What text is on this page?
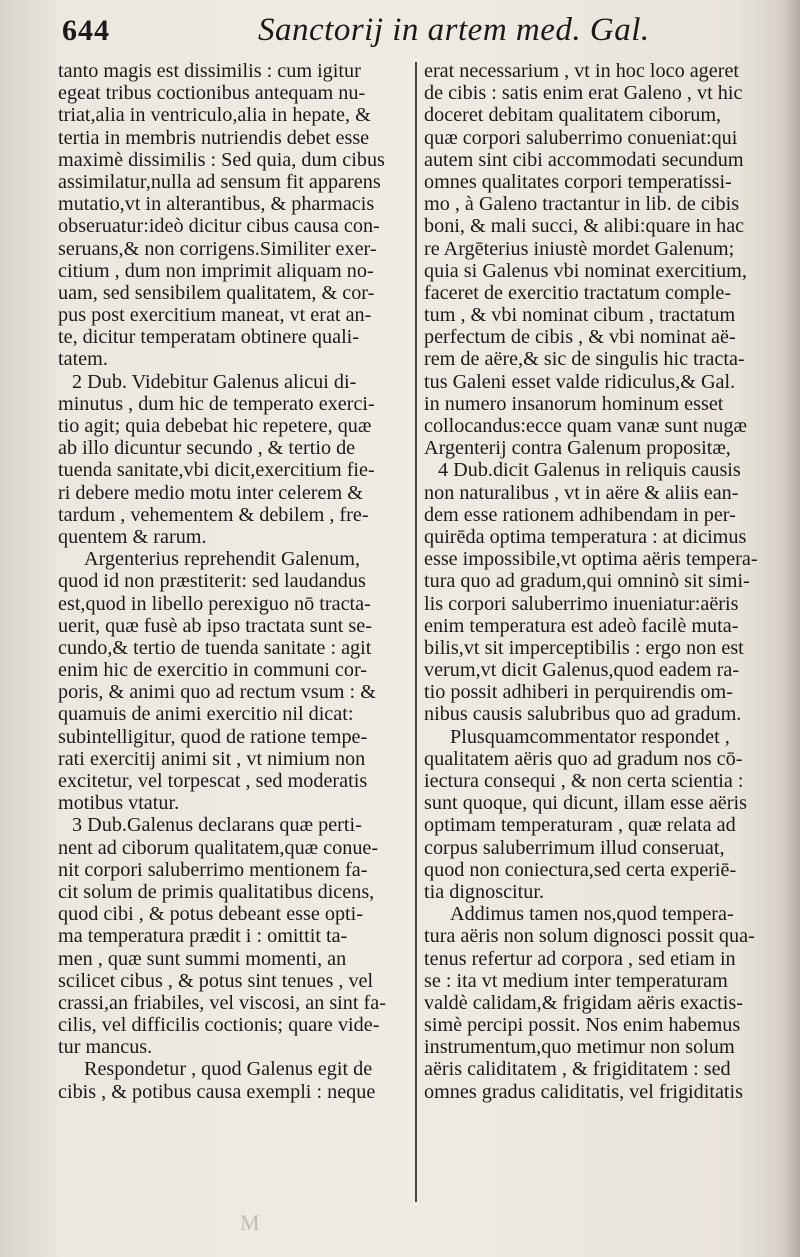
644	Sanctorij in artem med. Gal.
tanto magis est dissimilis : cum igitur
egeat tribus coctionibus antequam nu-
triat,alia in ventriculo,alia in hepate, &
tertia in membris nutriendis debet esse
maximè dissimilis : Sed quia, dum cibus
assimilatur,nulla ad sensum fit apparens
mutatio,vt in alterantibus, & pharmacis
obseruatur:ideò dicitur cibus causa con-
seruans,& non corrigens.Similiter exer-
citium , dum non imprimit aliquam no-
uam, sed sensibilem qualitatem, & cor-
pus post exercitium maneat, vt erat an-
te, dicitur temperatam obtinere quali-
tatem.
2 Dub. Videbitur Galenus alicui di-
minutus , dum hic de temperato exerci-
tio agit; quia debebat hic repetere, quæ
ab illo dicuntur secundo , & tertio de
tuenda sanitate,vbi dicit,exercitium fie-
ri debere medio motu inter celerem &
tardum , vehementem & debilem , fre-
quentem & rarum.
Argenterius reprehendit Galenum,
quod id non præstiterit: sed laudandus
est,quod in libello perexiguo nō tracta-
uerit, quæ fusè ab ipso tractata sunt se-
cundo,& tertio de tuenda sanitate : agit
enim hic de exercitio in communi cor-
poris, & animi quo ad rectum vsum : &
quamuis de animi exercitio nil dicat:
subintelligitur, quod de ratione tempe-
rati exercitij animi sit , vt nimium non
excitetur, vel torpescat , sed moderatis
motibus vtatur.
3 Dub.Galenus declarans quæ perti-
nent ad ciborum qualitatem,quæ conue-
nit corpori saluberrimo mentionem fa-
cit solum de primis qualitatibus dicens,
quod cibi , & potus debeant esse opti-
ma temperatura prædit i : omittit ta-
men , quæ sunt summi momenti, an
scilicet cibus , & potus sint tenues , vel
crassi,an friabiles, vel viscosi, an sint fa-
cilis, vel difficilis coctionis; quare vide-
tur mancus.
Respondetur , quod Galenus egit de
cibis , & potibus causa exempli : neque
erat necessarium , vt in hoc loco ageret
de cibis : satis enim erat Galeno , vt hic
doceret debitam qualitatem ciborum,
quæ corpori saluberrimo conueniat:qui
autem sint cibi accommodati secundum
omnes qualitates corpori temperatissi-
mo , à Galeno tractantur in lib. de cibis
boni, & mali succi, & alibi:quare in hac
re Argēterius iniustè mordet Galenum;
quia si Galenus vbi nominat exercitium,
faceret de exercitio tractatum comple-
tum , & vbi nominat cibum , tractatum
perfectum de cibis , & vbi nominat aë-
rem de aëre,& sic de singulis hic tracta-
tus Galeni esset valde ridiculus,& Gal.
in numero insanorum hominum esset
collocandus:ecce quam vanæ sunt nugæ
Argenterij contra Galenum propositæ,
4 Dub.dicit Galenus in reliquis causis
non naturalibus , vt in aëre & aliis ean-
dem esse rationem adhibendam in per-
quirēda optima temperatura : at dicimus
esse impossibile,vt optima aëris tempera-
tura quo ad gradum,qui omninò sit simi-
lis corpori saluberrimo inueniatur:aëris
enim temperatura est adeò facilè muta-
bilis,vt sit imperceptibilis : ergo non est
verum,vt dicit Galenus,quod eadem ra-
tio possit adhiberi in perquirendis om-
nibus causis salubribus quo ad gradum.
Plusquamcommentator respondet ,
qualitatem aëris quo ad gradum nos cō-
iectura consequi , & non certa scientia :
sunt quoque, qui dicunt, illam esse aëris
optimam temperaturam , quæ relata ad
corpus saluberrimum illud conseruat,
quod non coniectura,sed certa experiē-
tia dignoscitur.
Addimus tamen nos,quod tempera-
tura aëris non solum dignosci possit qua-
tenus refertur ad corpora , sed etiam in
se : ita vt medium inter temperaturam
valdè calidam,& frigidam aëris exactis-
simè percipi possit. Nos enim habemus
instrumentum,quo metimur non solum
aëris caliditatem , & frigiditatem : sed
omnes gradus caliditatis, vel frigiditatis
M
